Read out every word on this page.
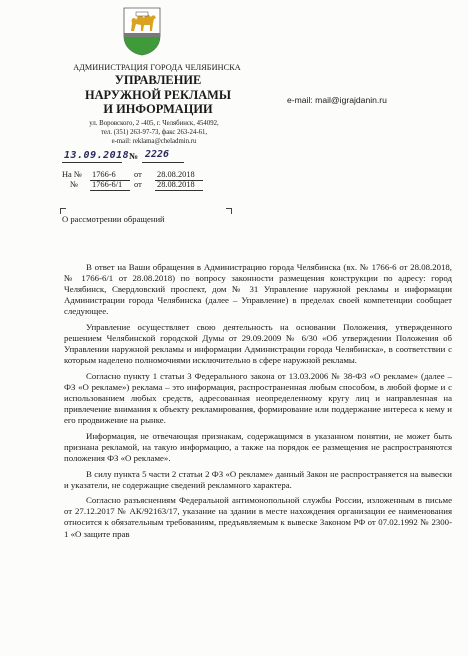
АДМИНИСТРАЦИЯ ГОРОДА ЧЕЛЯБИНСКА
УПРАВЛЕНИЕ
НАРУЖНОЙ РЕКЛАМЫ
И ИНФОРМАЦИИ
ул. Воровского, 2 -405, г. Челябинск, 454092,
тел. (351) 263-97-73, факс 263-24-61,
e-mail: reklama@cheladmin.ru
e-mail: mail@igrajdanin.ru
13.09.2018 № 2226
На № 1766-6 от 28.08.2018
№ 1766-6/1 от 28.08.2018
О рассмотрении обращений

В ответ на Ваши обращения в Администрацию города Челябинска (вх. № 1766-6 от 28.08.2018, № 1766-6/1 от 28.08.2018) по вопросу законности размещения конструкции по адресу: город Челябинск, Свердловский проспект, дом № 31 Управление наружной рекламы и информации Администрации города Челябинска (далее – Управление) в пределах своей компетенции сообщает следующее.

Управление осуществляет свою деятельность на основании Положения, утвержденного решением Челябинской городской Думы от 29.09.2009 № 6/30 «Об утверждении Положения об Управлении наружной рекламы и информации Администрации города Челябинска», в соответствии с которым наделено полномочиями исключительно в сфере наружной рекламы.

Согласно пункту 1 статьи 3 Федерального закона от 13.03.2006 № 38-ФЗ «О рекламе» (далее – ФЗ «О рекламе») реклама – это информация, распространенная любым способом, в любой форме и с использованием любых средств, адресованная неопределенному кругу лиц и направленная на привлечение внимания к объекту рекламирования, формирование или поддержание интереса к нему и его продвижение на рынке.

Информация, не отвечающая признакам, содержащимся в указанном понятии, не может быть признана рекламой, на такую информацию, а также на порядок ее размещения не распространяются положения ФЗ «О рекламе».

В силу пункта 5 части 2 статьи 2 ФЗ «О рекламе» данный Закон не распространяется на вывески и указатели, не содержащие сведений рекламного характера.

Согласно разъяснениям Федеральной антимонопольной службы России, изложенным в письме от 27.12.2017 № АК/92163/17, указание на здании в месте нахождения организации ее наименования относится к обязательным требованиям, предъявляемым к вывеске Законом РФ от 07.02.1992 № 2300-1 «О защите прав
